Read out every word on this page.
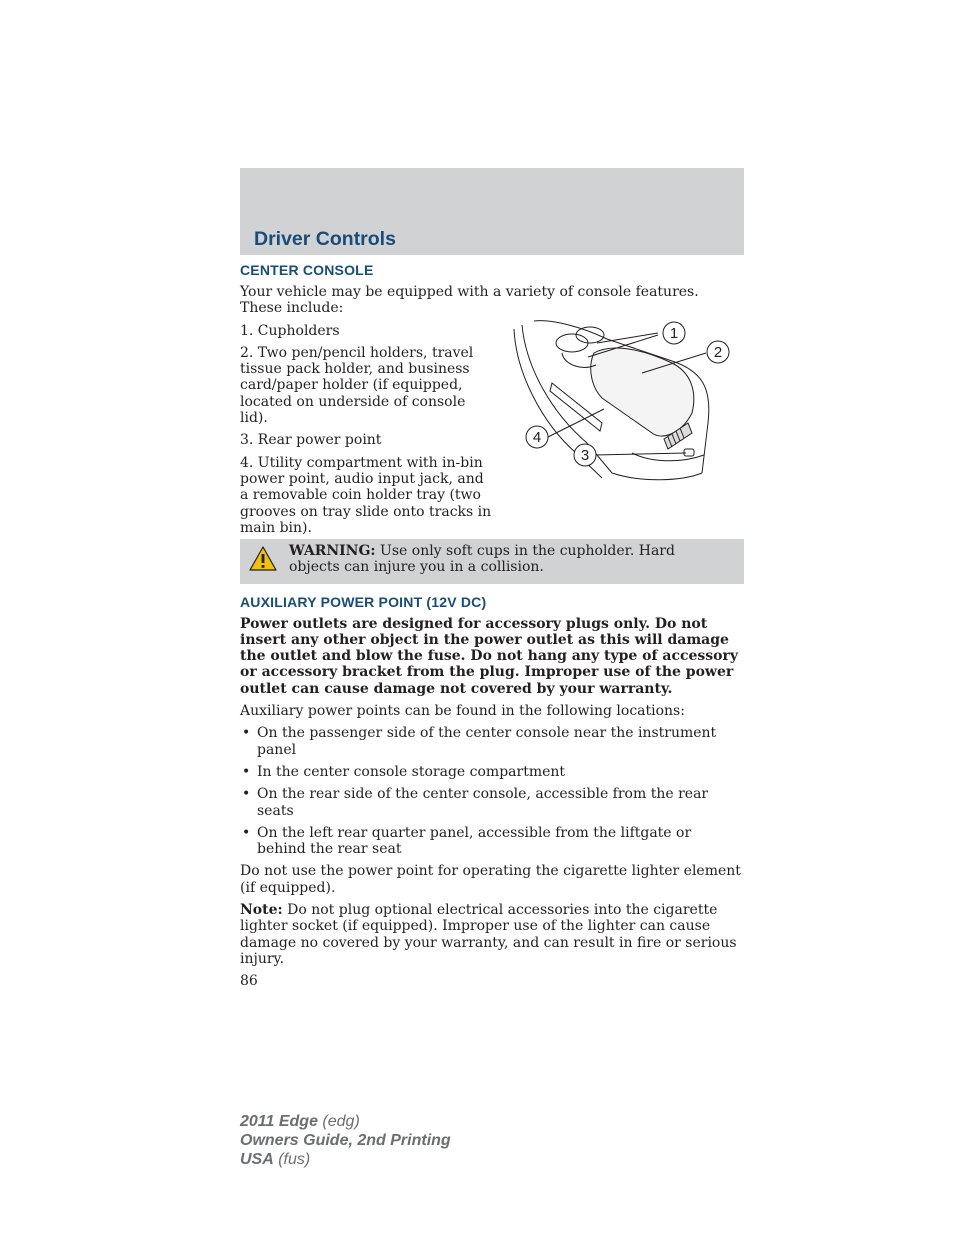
Driver Controls
CENTER CONSOLE

Your vehicle may be equipped with a variety of console features. These include:

1. Cupholders

2. Two pen/pencil holders, travel tissue pack holder, and business card/paper holder (if equipped, located on underside of console lid).

3. Rear power point

4. Utility compartment with in-bin power point, audio input jack, and a removable coin holder tray (two grooves on tray slide onto tracks in main bin).

1
2
3
4

WARNING: Use only soft cups in the cupholder. Hard objects can injure you in a collision.

AUXILIARY POWER POINT (12V DC)

Power outlets are designed for accessory plugs only. Do not insert any other object in the power outlet as this will damage the outlet and blow the fuse. Do not hang any type of accessory or accessory bracket from the plug. Improper use of the power outlet can cause damage not covered by your warranty.

Auxiliary power points can be found in the following locations:

• On the passenger side of the center console near the instrument panel
• In the center console storage compartment
• On the rear side of the center console, accessible from the rear seats
• On the left rear quarter panel, accessible from the liftgate or behind the rear seat

Do not use the power point for operating the cigarette lighter element (if equipped).

Note: Do not plug optional electrical accessories into the cigarette lighter socket (if equipped). Improper use of the lighter can cause damage no covered by your warranty, and can result in fire or serious injury.

86

2011 Edge (edg)
Owners Guide, 2nd Printing
USA (fus)
